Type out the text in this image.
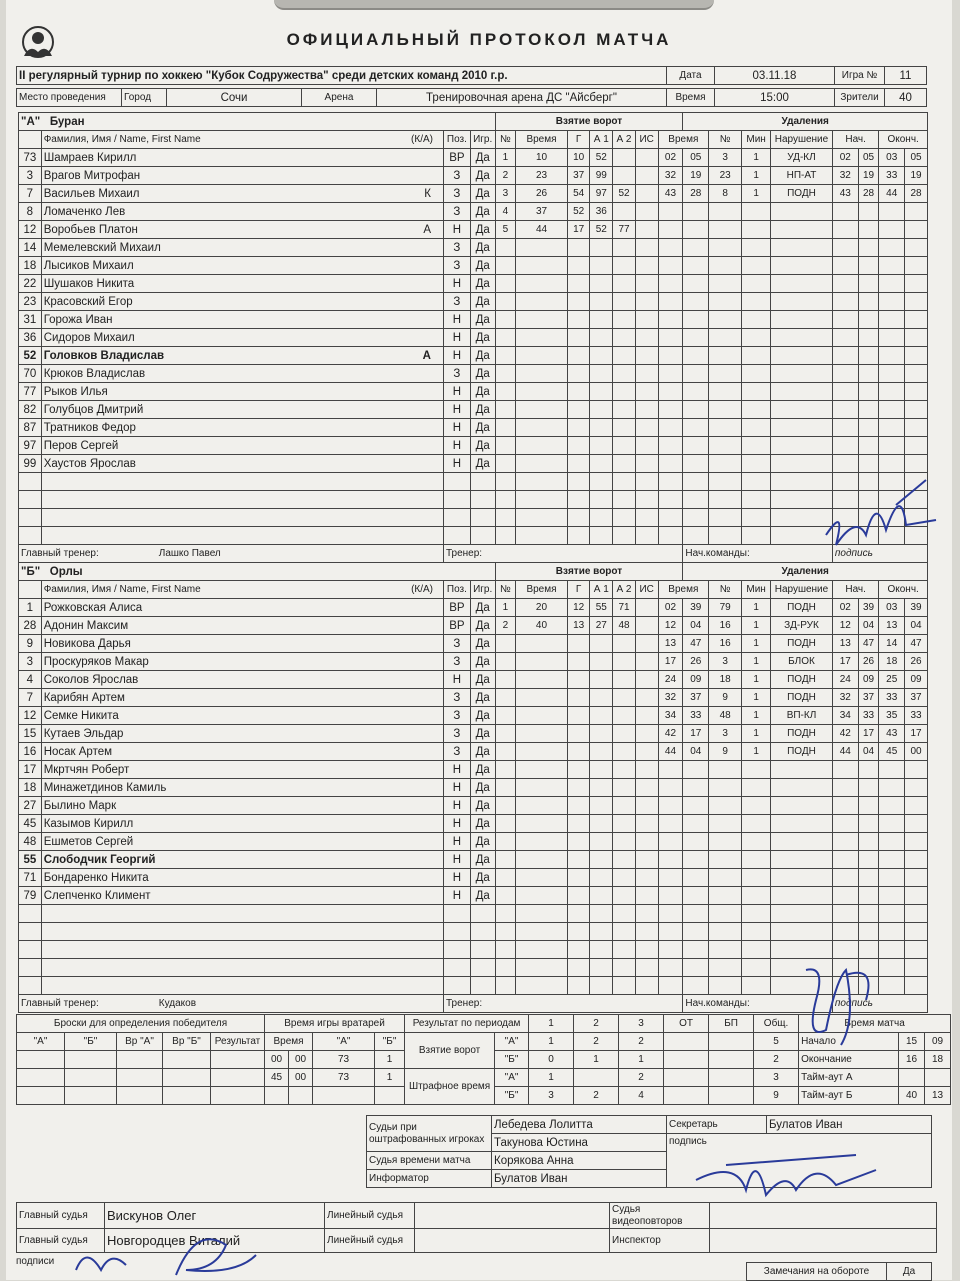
ОФИЦИАЛЬНЫЙ ПРОТОКОЛ МАТЧА
II регулярный турнир по хоккею "Кубок Содружества" среди детских команд 2010 г.р.	Дата	03.11.18	Игра №	11
Место проведения	Город	Сочи	Арена	Тренировочная арена ДС "Айсберг"	Время	15:00	Зрители	40
"А" Буран				Взятие ворот							Удаления							
	Фамилия, Имя / Name, First Name (К/А)	Поз.	Игр.	№	Время	Г	А 1	А 2	ИС	Время		№	Мин	Нарушение	Нач.		Оконч.	
73	Шамраев Кирилл	ВР	Да	1	10	10	52			02	05	3	1	УД-КЛ	02	05	03	05
3	Врагов Митрофан	З	Да	2	23	37	99			32	19	23	1	НП-АТ	32	19	33	19
7	Васильев Михаил К	З	Да	3	26	54	97	52		43	28	8	1	ПОДН	43	28	44	28
8	Ломаченко Лев	З	Да	4	37	52	36											
12	Воробьев Платон А	Н	Да	5	44	17	52	77										
14	Мемелевский Михаил	З	Да															
18	Лысиков Михаил	З	Да															
22	Шушаков Никита	Н	Да															
23	Красовский Егор	З	Да															
31	Горожа Иван	Н	Да															
36	Сидоров Михаил	Н	Да															
52	Головков Владислав А	Н	Да															
70	Крюков Владислав	З	Да															
77	Рыков Илья	Н	Да															
82	Голубцов Дмитрий	Н	Да															
87	Тратников Федор	Н	Да															
97	Перов Сергей	Н	Да															
99	Хаустов Ярослав	Н	Да															

Главный тренер: Лашко Павел		Тренер:									Нач.команды:				подпись			
"Б" Орлы				Взятие ворот							Удаления							
	Фамилия, Имя / Name, First Name (К/А)	Поз.	Игр.	№	Время	Г	А 1	А 2	ИС	Время		№	Мин	Нарушение	Нач.		Оконч.	
1	Рожковская Алиса	ВР	Да	1	20	12	55	71		02	39	79	1	ПОДН	02	39	03	39
28	Адонин Максим	ВР	Да	2	40	13	27	48		12	04	16	1	ЗД-РУК	12	04	13	04
9	Новикова Дарья	З	Да							13	47	16	1	ПОДН	13	47	14	47
3	Проскуряков Макар	З	Да							17	26	3	1	БЛОК	17	26	18	26
4	Соколов Ярослав	Н	Да							24	09	18	1	ПОДН	24	09	25	09
7	Карибян Артем	З	Да							32	37	9	1	ПОДН	32	37	33	37
12	Семке Никита	З	Да							34	33	48	1	ВП-КЛ	34	33	35	33
15	Кутаев Эльдар	З	Да							42	17	3	1	ПОДН	42	17	43	17
16	Носак Артем	З	Да							44	04	9	1	ПОДН	44	04	45	00
17	Мкртчян Роберт	Н	Да															
18	Минажетдинов Камиль	Н	Да															
27	Былино Марк	Н	Да															
45	Казымов Кирилл	Н	Да															
48	Ешметов Сергей	Н	Да															
55	Слободчик Георгий	Н	Да															
71	Бондаренко Никита	Н	Да															
79	Слепченко Климент	Н	Да															

Главный тренер: Кудаков		Тренер:									Нач.команды:				подпись			
Броски для определения победителя					Время игры вратарей				Результат по периодам		1	2	3	ОТ	БП	Общ.	Время матча		
"А"	"Б"	Вр "А"	Вр "Б"	Результат	Время		"А"	"Б"	Взятие ворот	"А"	1	2	2			5	Начало	15	09
					00	00	73	1		"Б"	0	1	1			2	Окончание	16	18
					45	00	73	1	Штрафное время	"А"	1		2			3	Тайм-аут А		
										"Б"	3	2	4			9	Тайм-аут Б	40	13
Судьи при оштрафованных игроках	Лебедева Лолитта	Секретарь	Булатов Иван
	Такунова Юстина	подпись	
Судья времени матча	Корякова Анна		
Информатор	Булатов Иван		
Главный судья	Вискунов Олег	Линейный судья		Судья видеоповторов	
Главный судья	Новгородцев Виталий	Линейный судья		Инспектор	
подписи
Замечания на обороте	Да
